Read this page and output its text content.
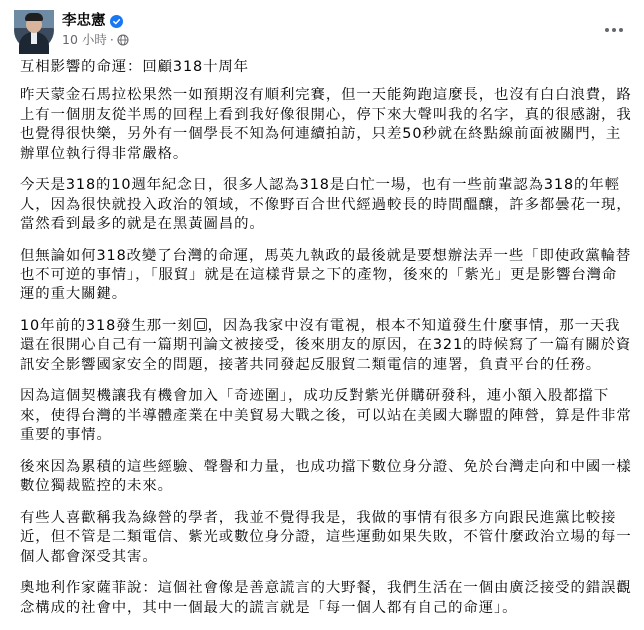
李忠憲
10 小時 ·

互相影響的命運：回顧318十周年

昨天蒙金石馬拉松果然一如預期沒有順利完賽，但一天能夠跑這麼長，也沒有白白浪費，路上有一個朋友從半馬的回程上看到我好像很開心，停下來大聲叫我的名字，真的很感謝，我也覺得很快樂，另外有一個學長不知為何連續拍訪，只差50秒就在終點線前面被關門，主辦單位執行得非常嚴格。

今天是318的10週年紀念日，很多人認為318是白忙一場，也有一些前輩認為318的年輕人，因為很快就投入政治的領域，不像野百合世代經過較長的時間醞釀，許多都曇花一現，當然看到最多的就是在黑黃圖昌的。

但無論如何318改變了台灣的命運，馬英九執政的最後就是要想辦法弄一些「即使政黨輪替也不可逆的事情」，「服貿」就是在這樣背景之下的產物，後來的「紫光」更是影響台灣命運的重大關鍵。

10年前的318發生那一刻 ，因為我家中沒有電視，根本不知道發生什麼事情，那一天我還在很開心自己有一篇期刊論文被接受，後來朋友的原因，在321的時候寫了一篇有關於資訊安全影響國家安全的問題，接著共同發起反服貿二類電信的連署，負責平台的任務。

因為這個契機讓我有機會加入「奇迹圍」，成功反對紫光併購研發科，連小額入股都擋下來，使得台灣的半導體產業在中美貿易大戰之後，可以站在美國大聯盟的陣營，算是件非常重要的事情。

後來因為累積的這些經驗、聲譽和力量，也成功擋下數位身分證、免於台灣走向和中國一樣數位獨裁監控的未來。

有些人喜歡稱我為綠營的學者，我並不覺得我是，我做的事情有很多方向跟民進黨比較接近，但不管是二類電信、紫光或數位身分證，這些運動如果失敗，不管什麼政治立場的每一個人都會深受其害。

奧地利作家薩菲說：這個社會像是善意謊言的大野餐，我們生活在一個由廣泛接受的錯誤觀念構成的社會中，其中一個最大的謊言就是「每一個人都有自己的命運」。
